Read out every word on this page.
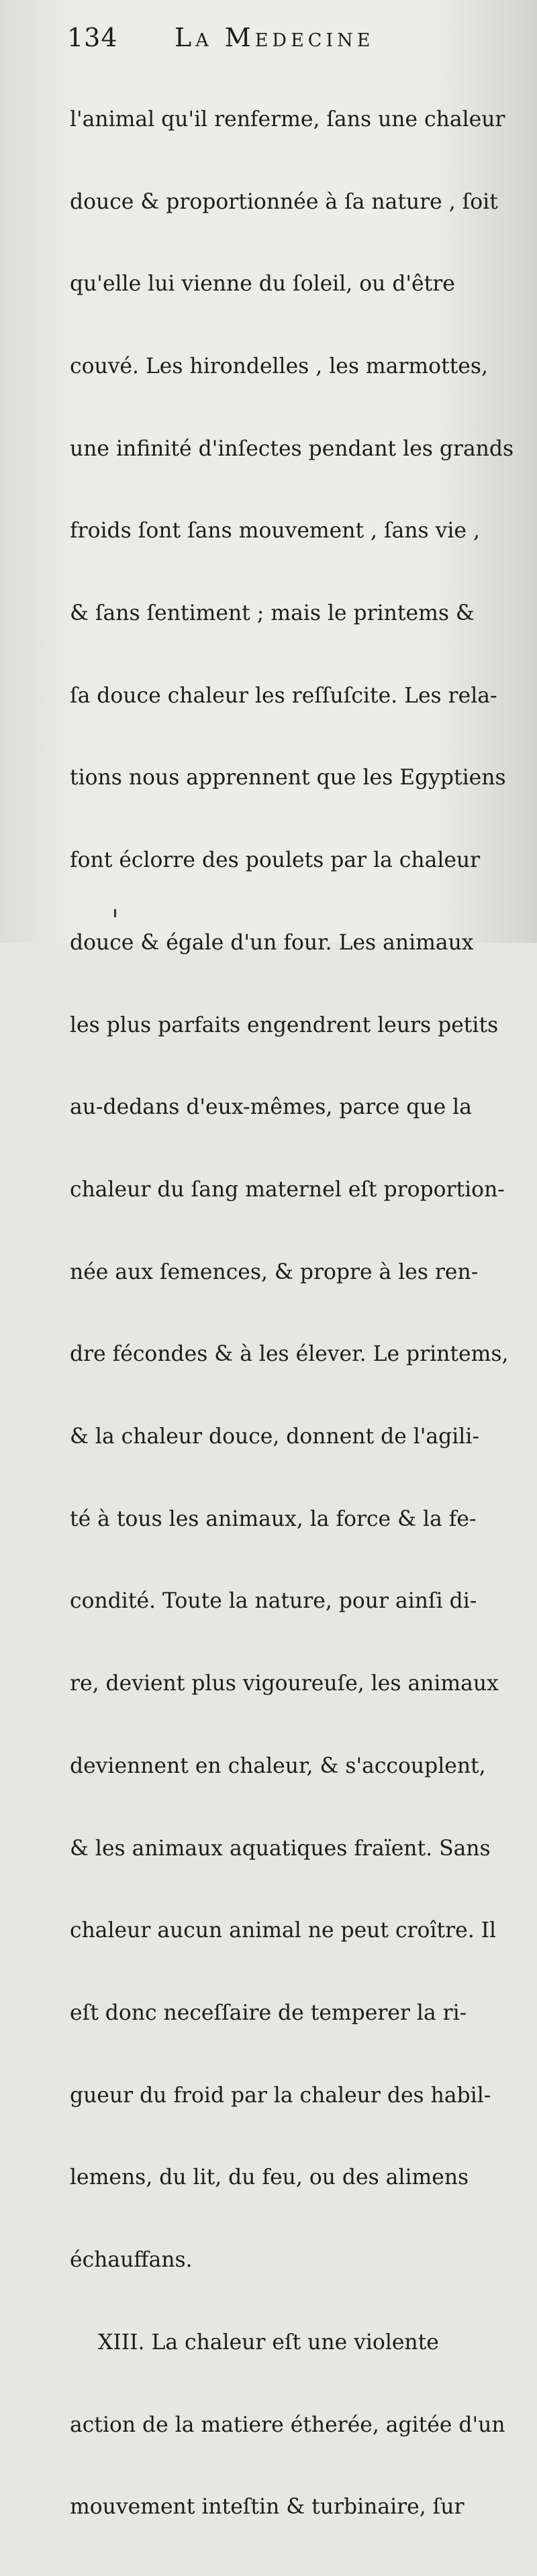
134 La Medecine

l'animal qu'il renferme, ſans une chaleur

douce & proportionnée à ſa nature , ſoit

qu'elle lui vienne du ſoleil, ou d'être

couvé. Les hirondelles , les marmottes,

une infinité d'inſectes pendant les grands

froids ſont ſans mouvement , ſans vie ,

& ſans ſentiment ; mais le printems &

ſa douce chaleur les reſſuſcite. Les rela-

tions nous apprennent que les Egyptiens

font éclorre des poulets par la chaleur

douce & égale d'un four. Les animaux

les plus parfaits engendrent leurs petits

au-dedans d'eux-mêmes, parce que la

chaleur du ſang maternel eſt proportion-

née aux ſemences, & propre à les ren-

dre fécondes & à les élever. Le printems,

& la chaleur douce, donnent de l'agili-

té à tous les animaux, la force & la fe-

condité. Toute la nature, pour ainſi di-

re, devient plus vigoureuſe, les animaux

deviennent en chaleur, & s'accouplent,

& les animaux aquatiques fraïent. Sans

chaleur aucun animal ne peut croître. Il

eſt donc neceſſaire de temperer la ri-

gueur du froid par la chaleur des habil-

lemens, du lit, du feu, ou des alimens

échauffans.

XIII. La chaleur eſt une violente

action de la matiere étherée, agitée d'un

mouvement inteſtin & turbinaire, ſur
